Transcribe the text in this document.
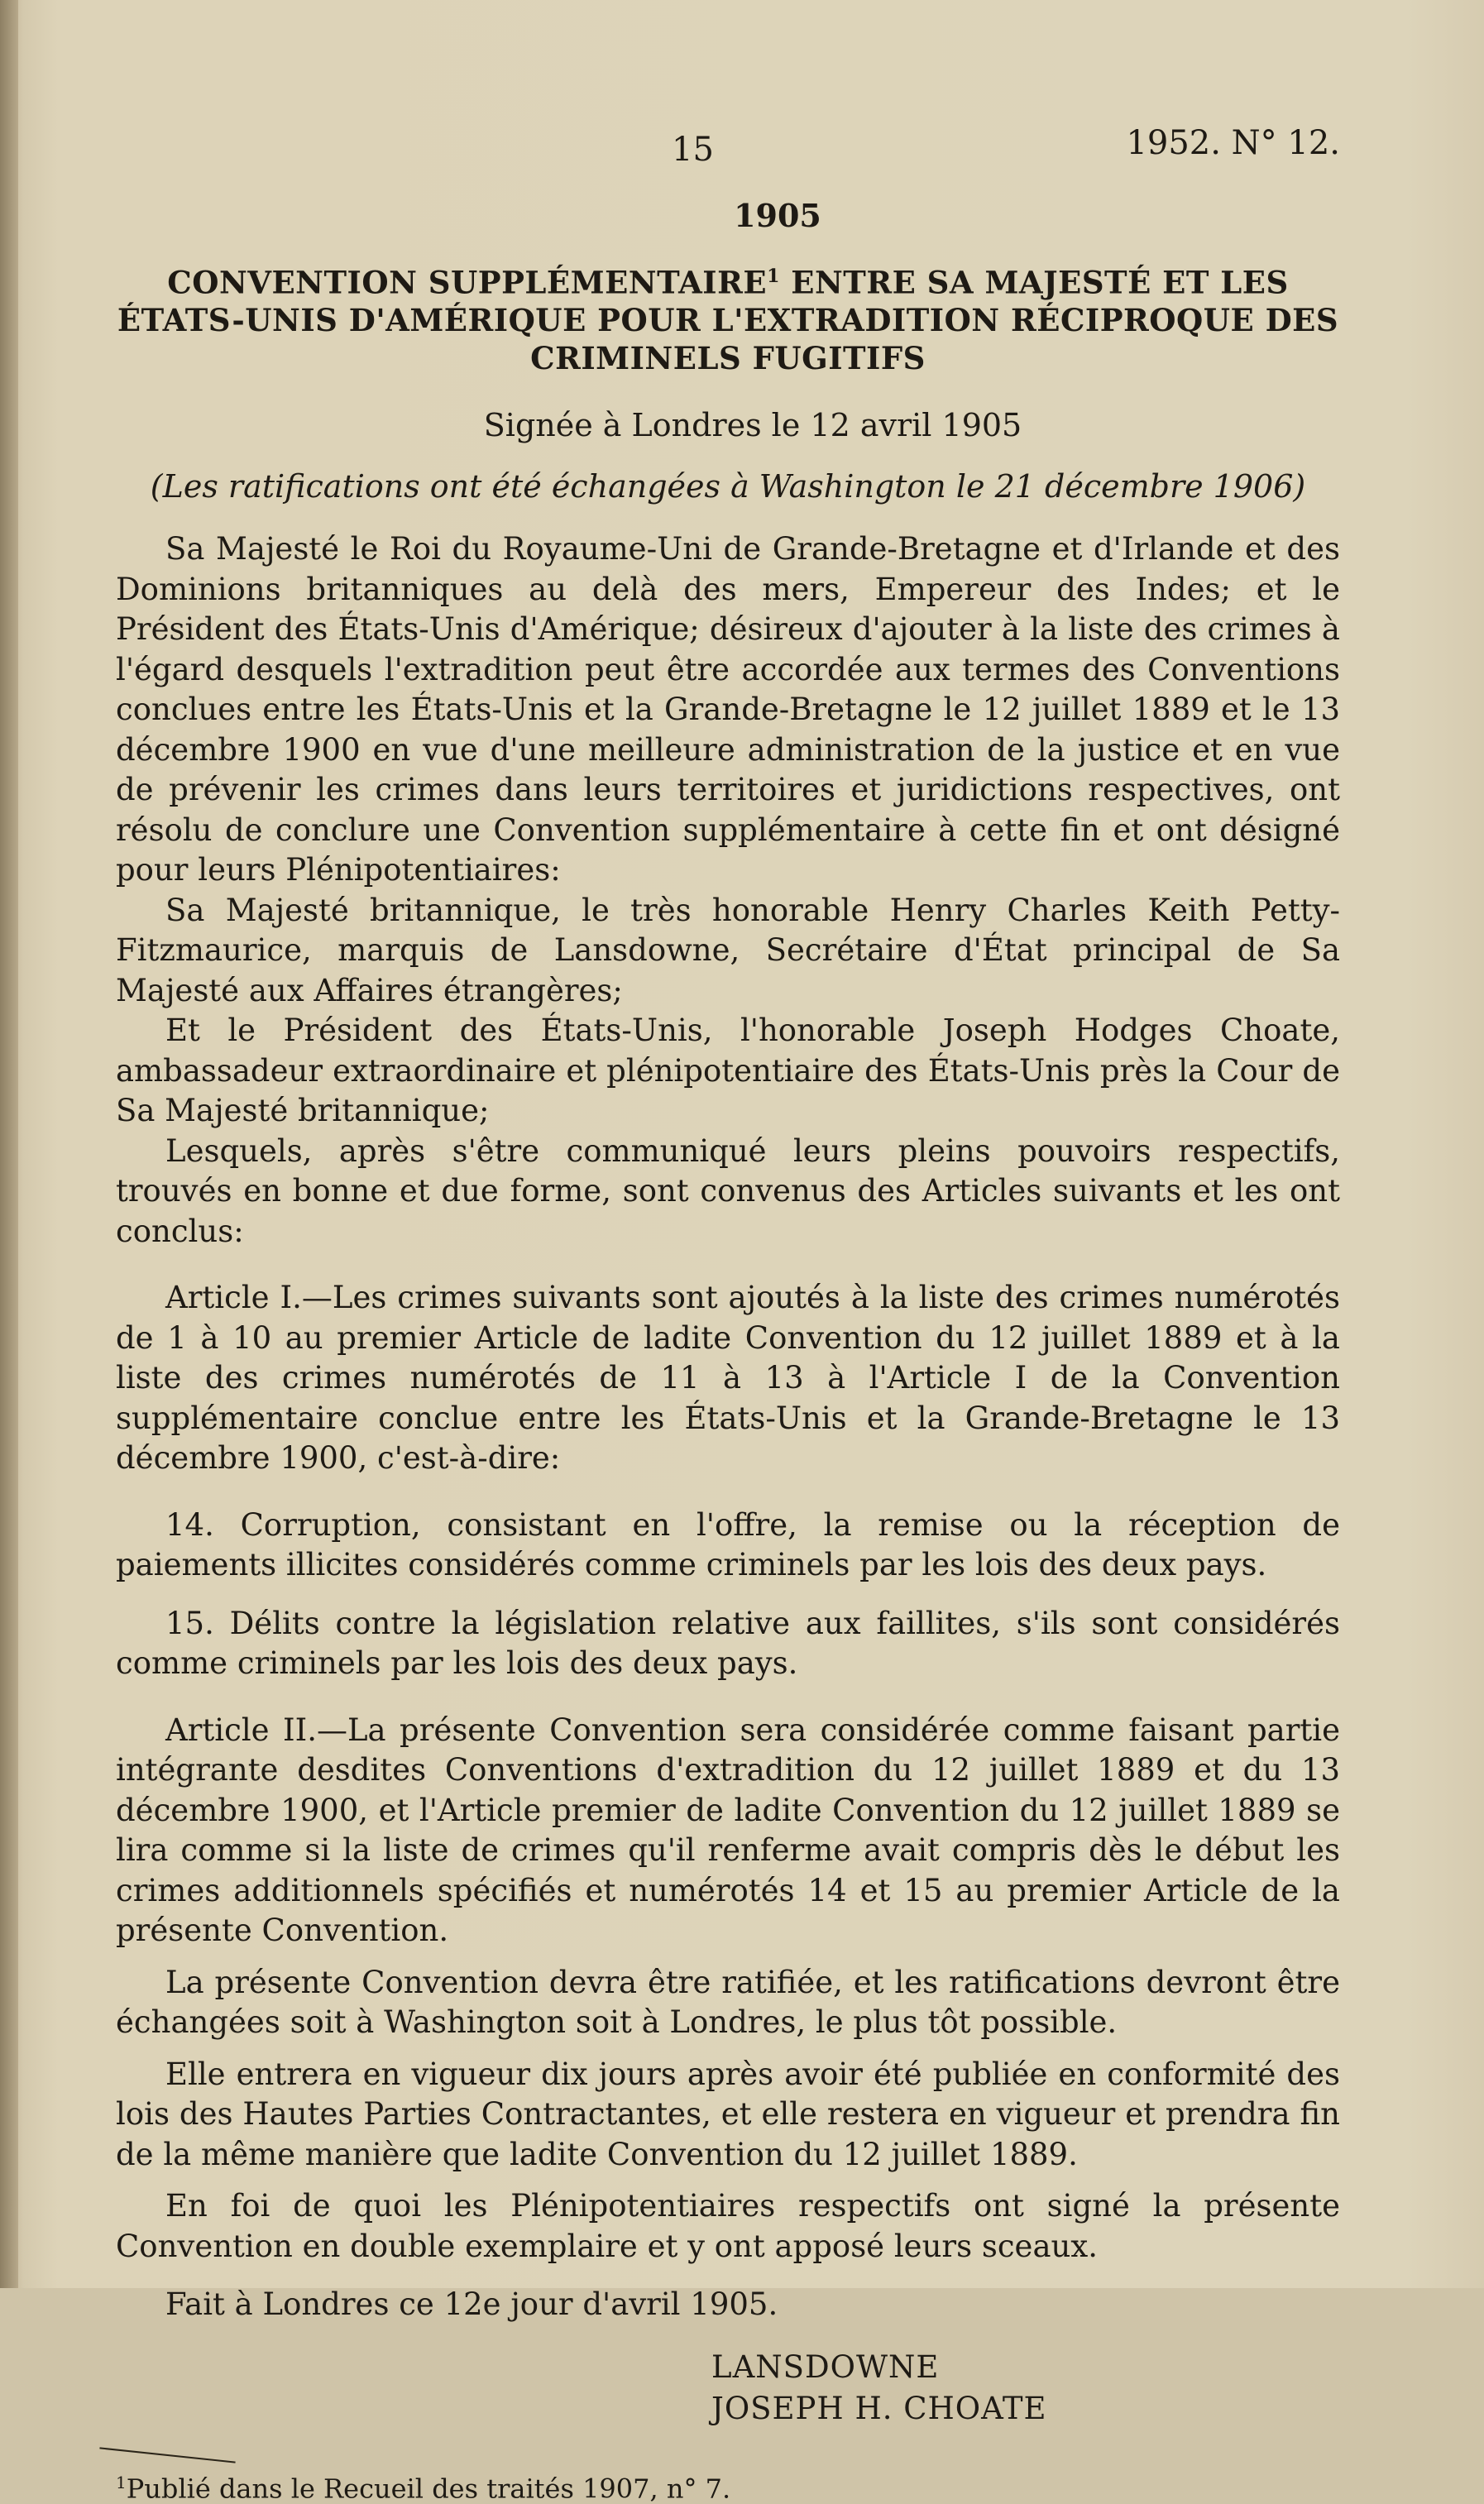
15	1952. N° 12.
1905
CONVENTION SUPPLÉMENTAIRE$^1$ ENTRE SA MAJESTÉ ET LES ÉTATS-UNIS D'AMÉRIQUE POUR L'EXTRADITION RÉCIPROQUE DES CRIMINELS FUGITIFS
Signée à Londres le 12 avril 1905
(Les ratifications ont été échangées à Washington le 21 décembre 1906)

Sa Majesté le Roi du Royaume-Uni de Grande-Bretagne et d'Irlande et des Dominions britanniques au delà des mers, Empereur des Indes; et le Président des États-Unis d'Amérique; désireux d'ajouter à la liste des crimes à l'égard desquels l'extradition peut être accordée aux termes des Conventions conclues entre les États-Unis et la Grande-Bretagne le 12 juillet 1889 et le 13 décembre 1900 en vue d'une meilleure administration de la justice et en vue de prévenir les crimes dans leurs territoires et juridictions respectives, ont résolu de conclure une Convention supplémentaire à cette fin et ont désigné pour leurs Plénipotentiaires:

Sa Majesté britannique, le très honorable Henry Charles Keith Petty-Fitzmaurice, marquis de Lansdowne, Secrétaire d'État principal de Sa Majesté aux Affaires étrangères;

Et le Président des États-Unis, l'honorable Joseph Hodges Choate, ambassadeur extraordinaire et plénipotentiaire des États-Unis près la Cour de Sa Majesté britannique;

Lesquels, après s'être communiqué leurs pleins pouvoirs respectifs, trouvés en bonne et due forme, sont convenus des Articles suivants et les ont conclus:

Article I.—Les crimes suivants sont ajoutés à la liste des crimes numérotés de 1 à 10 au premier Article de ladite Convention du 12 juillet 1889 et à la liste des crimes numérotés de 11 à 13 à l'Article I de la Convention supplémentaire conclue entre les États-Unis et la Grande-Bretagne le 13 décembre 1900, c'est-à-dire:

14. Corruption, consistant en l'offre, la remise ou la réception de paiements illicites considérés comme criminels par les lois des deux pays.

15. Délits contre la législation relative aux faillites, s'ils sont considérés comme criminels par les lois des deux pays.

Article II.—La présente Convention sera considérée comme faisant partie intégrante desdites Conventions d'extradition du 12 juillet 1889 et du 13 décembre 1900, et l'Article premier de ladite Convention du 12 juillet 1889 se lira comme si la liste de crimes qu'il renferme avait compris dès le début les crimes additionnels spécifiés et numérotés 14 et 15 au premier Article de la présente Convention.

La présente Convention devra être ratifiée, et les ratifications devront être échangées soit à Washington soit à Londres, le plus tôt possible.

Elle entrera en vigueur dix jours après avoir été publiée en conformité des lois des Hautes Parties Contractantes, et elle restera en vigueur et prendra fin de la même manière que ladite Convention du 12 juillet 1889.

En foi de quoi les Plénipotentiaires respectifs ont signé la présente Convention en double exemplaire et y ont apposé leurs sceaux.

Fait à Londres ce 12e jour d'avril 1905.

LANSDOWNE
JOSEPH H. CHOATE
$^1$Publié dans le Recueil des traités 1907, n° 7.
